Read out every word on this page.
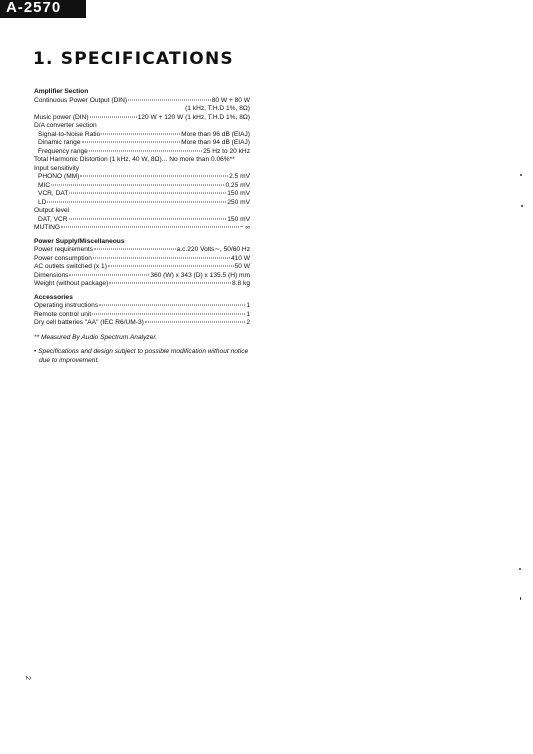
A-2570
1. SPECIFICATIONS
Amplifier Section
Continuous Power Output (DIN)	80 W + 80 W
(1 kHz, T.H.D 1%, 8Ω)
Music power (DIN)	120 W + 120 W (1 kHz, T.H.D 1%, 8Ω)
D/A converter section
Signal-to-Noise Ratio	More than 96 dB (EIAJ)
Dinamic range	More than 94 dB (EIAJ)
Frequency range	25 Hz to 20 kHz
Total Harmonic Distortion (1 kHz, 40 W, 8Ω)... No more than 0.06%**
Input sensitivity
PHONO (MM)	2.5 mV
MIC	0.25 mV
VCR, DAT	150 mV
LD	250 mV
Output level
DAT, VCR	150 mV
MUTING	− ∞
Power Supply/Miscellaneous
Power requirements	a.c.220 Volts∼, 50/60 Hz
Power consumption	410 W
AC outlets switched (x 1)	50 W
Dimensions	360 (W) x 343 (D) x 135.5 (H) mm
Weight (without package)	8.8 kg
Accessories
Operating instructions	1
Remote control unit	1
Dry cell batteries "AA" (IEC R6/UM-3)	2
** Measured By Audio Spectrum Analyzer.
• Specifications and design subject to possible modification without notice due to improvement.
2
